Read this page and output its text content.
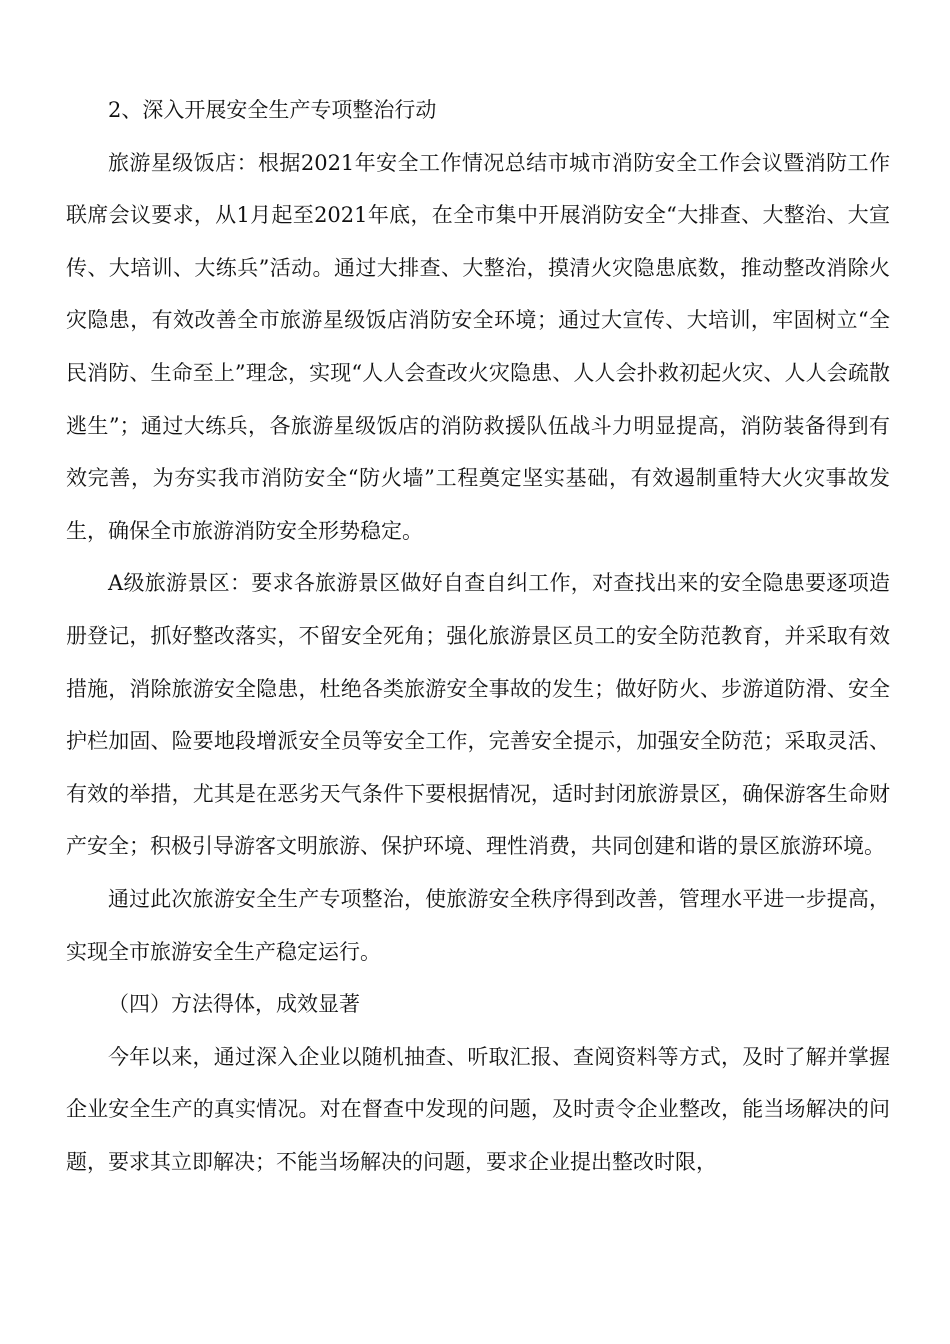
2、深入开展安全生产专项整治行动

旅游星级饭店：根据2021年安全工作情况总结市城市消防安全工作会议暨消防工作联席会议要求，从1月起至2021年底，在全市集中开展消防安全“大排查、大整治、大宣传、大培训、大练兵”活动。通过大排查、大整治，摸清火灾隐患底数，推动整改消除火灾隐患，有效改善全市旅游星级饭店消防安全环境；通过大宣传、大培训，牢固树立“全民消防、生命至上”理念，实现“人人会查改火灾隐患、人人会扑救初起火灾、人人会疏散逃生”；通过大练兵，各旅游星级饭店的消防救援队伍战斗力明显提高，消防装备得到有效完善，为夯实我市消防安全“防火墙”工程奠定坚实基础，有效遏制重特大火灾事故发生，确保全市旅游消防安全形势稳定。

A级旅游景区：要求各旅游景区做好自查自纠工作，对查找出来的安全隐患要逐项造册登记，抓好整改落实，不留安全死角；强化旅游景区员工的安全防范教育，并采取有效措施，消除旅游安全隐患，杜绝各类旅游安全事故的发生；做好防火、步游道防滑、安全护栏加固、险要地段增派安全员等安全工作，完善安全提示，加强安全防范；采取灵活、有效的举措，尤其是在恶劣天气条件下要根据情况，适时封闭旅游景区，确保游客生命财产安全；积极引导游客文明旅游、保护环境、理性消费，共同创建和谐的景区旅游环境。

通过此次旅游安全生产专项整治，使旅游安全秩序得到改善，管理水平进一步提高，实现全市旅游安全生产稳定运行。

（四）方法得体，成效显著

今年以来，通过深入企业以随机抽查、听取汇报、查阅资料等方式，及时了解并掌握企业安全生产的真实情况。对在督查中发现的问题，及时责令企业整改，能当场解决的问题，要求其立即解决；不能当场解决的问题，要求企业提出整改时限，
